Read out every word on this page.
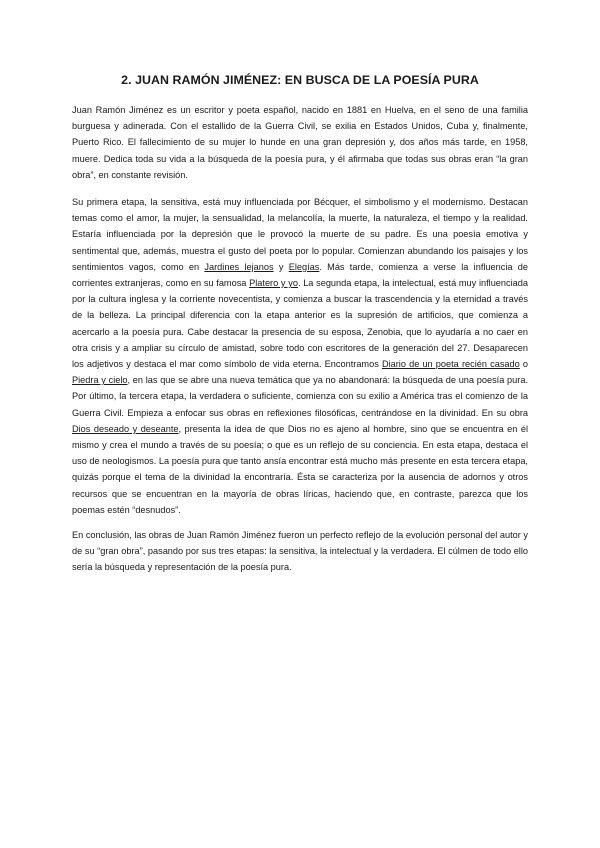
2. JUAN RAMÓN JIMÉNEZ: EN BUSCA DE LA POESÍA PURA

Juan Ramón Jiménez es un escritor y poeta español, nacido en 1881 en Huelva, en el seno de una familia burguesa y adinerada. Con el estallido de la Guerra Civil, se exilia en Estados Unidos, Cuba y, finalmente, Puerto Rico. El fallecimiento de su mujer lo hunde en una gran depresión y, dos años más tarde, en 1958, muere. Dedica toda su vida a la búsqueda de la poesía pura, y él afirmaba que todas sus obras eran “la gran obra”, en constante revisión.

Su primera etapa, la sensitiva, está muy influenciada por Bécquer, el simbolismo y el modernismo. Destacan temas como el amor, la mujer, la sensualidad, la melancolía, la muerte, la naturaleza, el tiempo y la realidad. Estaría influenciada por la depresión que le provocó la muerte de su padre. Es una poesía emotiva y sentimental que, además, muestra el gusto del poeta por lo popular. Comienzan abundando los paisajes y los sentimientos vagos, como en Jardines lejanos y Elegías. Más tarde, comienza a verse la influencia de corrientes extranjeras, como en su famosa Platero y yo. La segunda etapa, la intelectual, está muy influenciada por la cultura inglesa y la corriente novecentista, y comienza a buscar la trascendencia y la eternidad a través de la belleza. La principal diferencia con la etapa anterior es la supresión de artificios, que comienza a acercarlo a la poesía pura. Cabe destacar la presencia de su esposa, Zenobia, que lo ayudaría a no caer en otra crisis y a ampliar su círculo de amistad, sobre todo con escritores de la generación del 27. Desaparecen los adjetivos y destaca el mar como símbolo de vida eterna. Encontramos Diario de un poeta recién casado o Piedra y cielo, en las que se abre una nueva temática que ya no abandonará: la búsqueda de una poesía pura. Por último, la tercera etapa, la verdadera o suficiente, comienza con su exilio a América tras el comienzo de la Guerra Civil. Empieza a enfocar sus obras en reflexiones filosóficas, centrándose en la divinidad. En su obra Dios deseado y deseante, presenta la idea de que Dios no es ajeno al hombre, sino que se encuentra en él mismo y crea el mundo a través de su poesía; o que es un reflejo de su conciencia. En esta etapa, destaca el uso de neologismos. La poesía pura que tanto ansía encontrar está mucho más presente en esta tercera etapa, quizás porque el tema de la divinidad la encontraría. Ésta se caracteriza por la ausencia de adornos y otros recursos que se encuentran en la mayoría de obras líricas, haciendo que, en contraste, parezca que los poemas estén “desnudos”.

En conclusión, las obras de Juan Ramón Jiménez fueron un perfecto reflejo de la evolución personal del autor y de su “gran obra”, pasando por sus tres etapas: la sensitiva, la intelectual y la verdadera. El cúlmen de todo ello sería la búsqueda y representación de la poesía pura.
